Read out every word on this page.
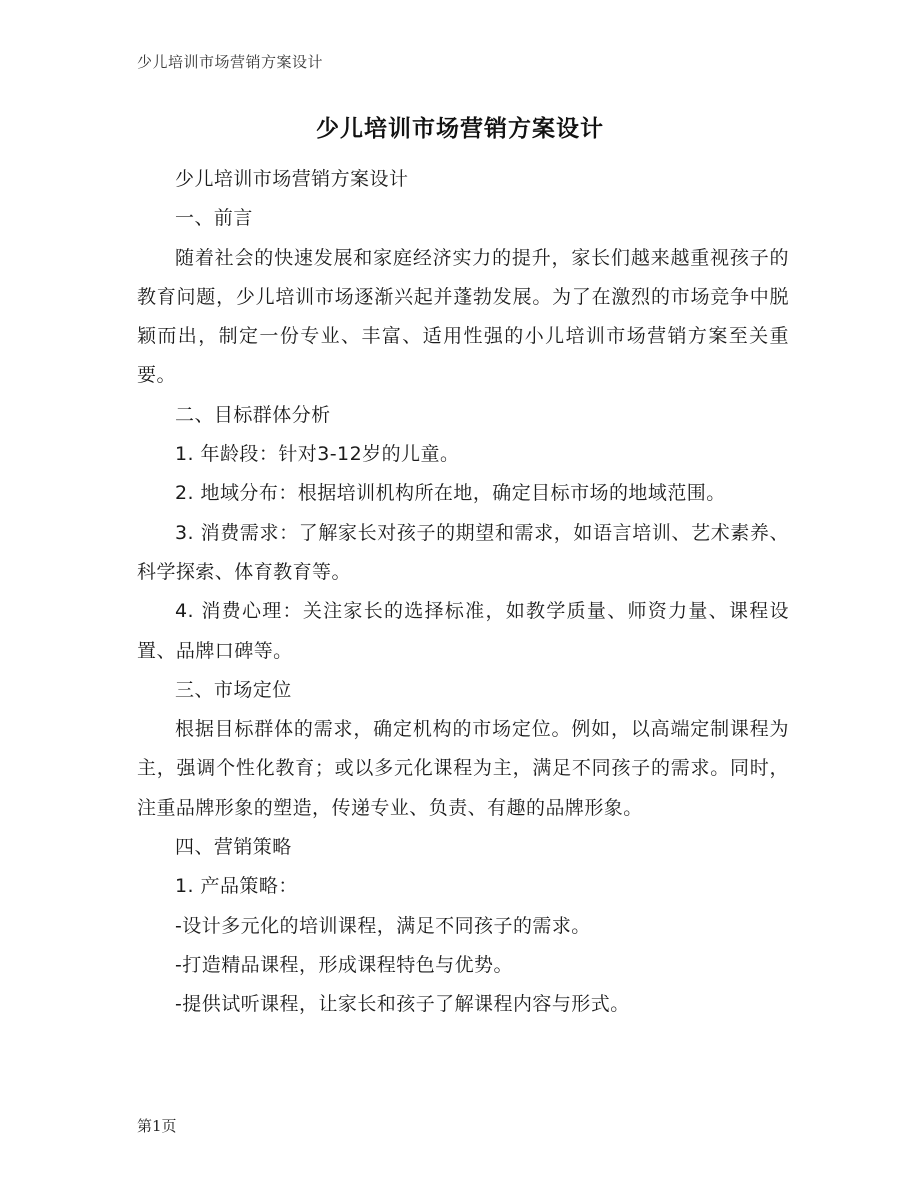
少儿培训市场营销方案设计
少儿培训市场营销方案设计

少儿培训市场营销方案设计

一、前言

随着社会的快速发展和家庭经济实力的提升，家长们越来越重视孩子的教育问题，少儿培训市场逐渐兴起并蓬勃发展。为了在激烈的市场竞争中脱颖而出，制定一份专业、丰富、适用性强的小儿培训市场营销方案至关重要。

二、目标群体分析

1. 年龄段：针对3-12岁的儿童。

2. 地域分布：根据培训机构所在地，确定目标市场的地域范围。

3. 消费需求：了解家长对孩子的期望和需求，如语言培训、艺术素养、科学探索、体育教育等。

4. 消费心理：关注家长的选择标准，如教学质量、师资力量、课程设置、品牌口碑等。

三、市场定位

根据目标群体的需求，确定机构的市场定位。例如，以高端定制课程为主，强调个性化教育；或以多元化课程为主，满足不同孩子的需求。同时，注重品牌形象的塑造，传递专业、负责、有趣的品牌形象。

四、营销策略

1. 产品策略：

-设计多元化的培训课程，满足不同孩子的需求。

-打造精品课程，形成课程特色与优势。

-提供试听课程，让家长和孩子了解课程内容与形式。

第1页
